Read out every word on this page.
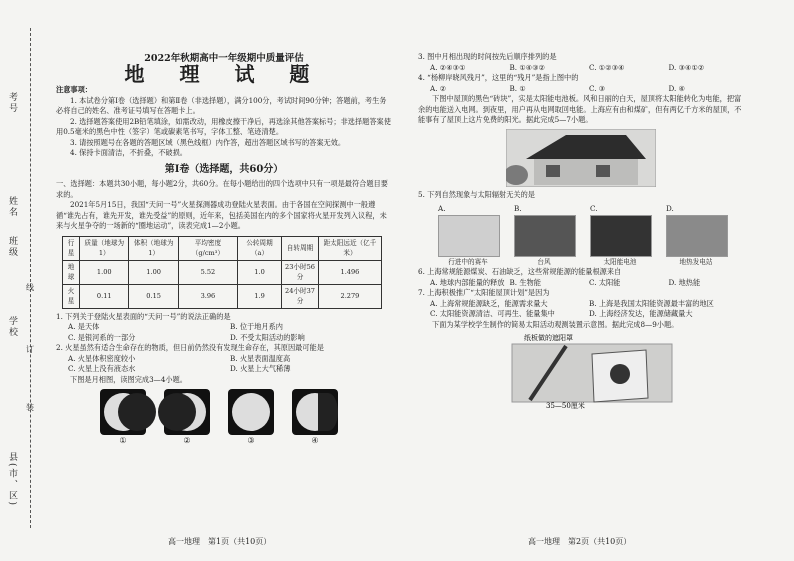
考号
姓名
班级
学校
县(市、区)
线
订
装
2022年秋期高中一年级期中质量评估
地 理 试 题

注意事项：

1. 本试卷分第Ⅰ卷（选择题）和第Ⅱ卷（非选择题），满分100分，考试时间90分钟；答题前，考生务必将自己的姓名、准考证号填写在答题卡上。

2. 选择题答案使用2B铅笔填涂，如需改动，用橡皮擦干净后，再选涂其他答案标号；非选择题答案使用0.5毫米的黑色中性（签字）笔或碳素笔书写，字体工整、笔迹清楚。

3. 请按照题号在各题的答题区域（黑色线框）内作答，超出答题区域书写的答案无效。

4. 保持卡面清洁，不折叠，不破损。

第Ⅰ卷（选择题，共60分）

一、选择题：本题共30小题，每小题2分，共60分。在每小题给出的四个选项中只有一项是最符合题目要求的。

2021年5月15日，我国“天问一号”火星探测器成功登陆火星表面。由于各国在空间探测中一般遵循“谁先占有，谁先开发，谁先受益”的原则，近年来，包括美国在内的多个国家将火星开发列入议程，未来与火星争夺的一场新的“圈地运动”，读表完成1—2小题。

行星	质量（地球为1）	体积（地球为1）	平均密度（g/cm³）	公转周期（a）	自转周期	距太阳远近（亿千米）
地球	1.00	1.00	5.52	1.0	23小时56分	1.496
火星	0.11	0.15	3.96	1.9	24小时37分	2.279

1. 下列关于登陆火星表面的“天问一号”的说法正确的是

A. 是天体	B. 位于地月系内
C. 是银河系的一部分	D. 不受太阳活动的影响

2. 火星虽然有适合生命存在的物质，但日前仍然没有发现生命存在，其原因最可能是

A. 火星体积密度较小	B. 火星表面温度高
C. 火星上没有液态水	D. 火星上大气稀薄

下图是月相图，读图完成3—4小题。

①	②	③	④
高一地理　第1页（共10页）

3. 图中月相出现的时间按先后顺序排列的是

A. ②④③①	B. ①④③②	C. ①②③④	D. ③④①②

4. “杨柳岸晓风残月”，这里的“残月”是指上图中的

A. ②	B. ①	C. ③	D. ④

下图中屋顶的黑色“砖块”，实是太阳能电池板。风和日丽的白天，屋顶将太阳能转化为电能，把富余的电能送入电网。到夜里，用户再从电网取回电能。上海应有由和煤矿，但有两亿千方米的屋顶，不能事有了屋顶上这片免费的阳光。据此完成5—7小题。

5. 下列自然现象与太阳辐射无关的是

A.
行进中的赛车
B.
台风
C.
太阳能电池
D.
地热发电站

6. 上海常规能源煤炭、石油缺乏，这些常规能源的能量根源来自

A. 地球内部能量的释放 B. 生物能	C. 太阳能	D. 地热能

7. 上海积极推广“太阳能屋顶计划”是因为

A. 上海常规能源缺乏，能源需求量大	B. 上海是我国太阳能资源最丰富的地区
C. 太阳能资源清洁、可再生、能量集中	D. 上海经济发达，能源储藏量大

下面为某学校学生制作的简易太阳活动观测装置示意图。据此完成8—9小题。

纸板做的遮阳罩
35—50厘米
高一地理　第2页（共10页）
